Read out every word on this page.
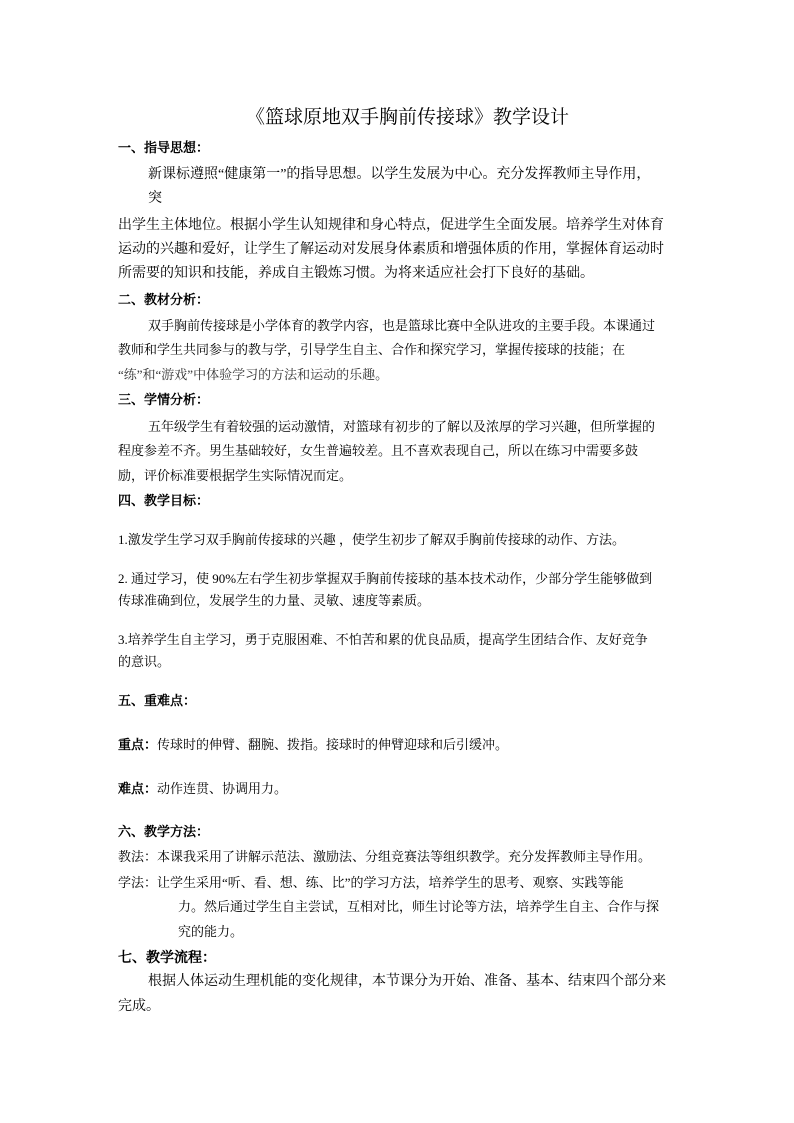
《篮球原地双手胸前传接球》教学设计
一、指导思想：
新课标遵照“健康第一”的指导思想。以学生发展为中心。充分发挥教师主导作用，
突
出学生主体地位。根据小学生认知规律和身心特点，促进学生全面发展。培养学生对体育
运动的兴趣和爱好，让学生了解运动对发展身体素质和增强体质的作用，掌握体育运动时
所需要的知识和技能，养成自主锻炼习惯。为将来适应社会打下良好的基础。
二、教材分析：
双手胸前传接球是小学体育的教学内容，也是篮球比赛中全队进攻的主要手段。本课通过
教师和学生共同参与的教与学，引导学生自主、合作和探究学习，掌握传接球的技能；在
“练”和“游戏”中体验学习的方法和运动的乐趣。
三、学情分析：
五年级学生有着较强的运动激情，对篮球有初步的了解以及浓厚的学习兴趣，但所掌握的
程度参差不齐。男生基础较好，女生普遍较差。且不喜欢表现自己，所以在练习中需要多鼓
励，评价标准要根据学生实际情况而定。
四、教学目标：
1.激发学生学习双手胸前传接球的兴趣 ，使学生初步了解双手胸前传接球的动作、方法。
2. 通过学习，使 90%左右学生初步掌握双手胸前传接球的基本技术动作，少部分学生能够做到
传球准确到位，发展学生的力量、灵敏、速度等素质。
3.培养学生自主学习，勇于克服困难、不怕苦和累的优良品质，提高学生团结合作、友好竞争
的意识。
五、重难点：
重点：传球时的伸臂、翻腕、拨指。接球时的伸臂迎球和后引缓冲。
难点：动作连贯、协调用力。
六、教学方法：
教法：本课我采用了讲解示范法、激励法、分组竞赛法等组织教学。充分发挥教师主导作用。
学法：让学生采用“听、看、想、练、比”的学习方法，培养学生的思考、观察、实践等能
力。然后通过学生自主尝试，互相对比，师生讨论等方法，培养学生自主、合作与探
究的能力。
七、教学流程：
根据人体运动生理机能的变化规律，本节课分为开始、准备、基本、结束四个部分来
完成。
